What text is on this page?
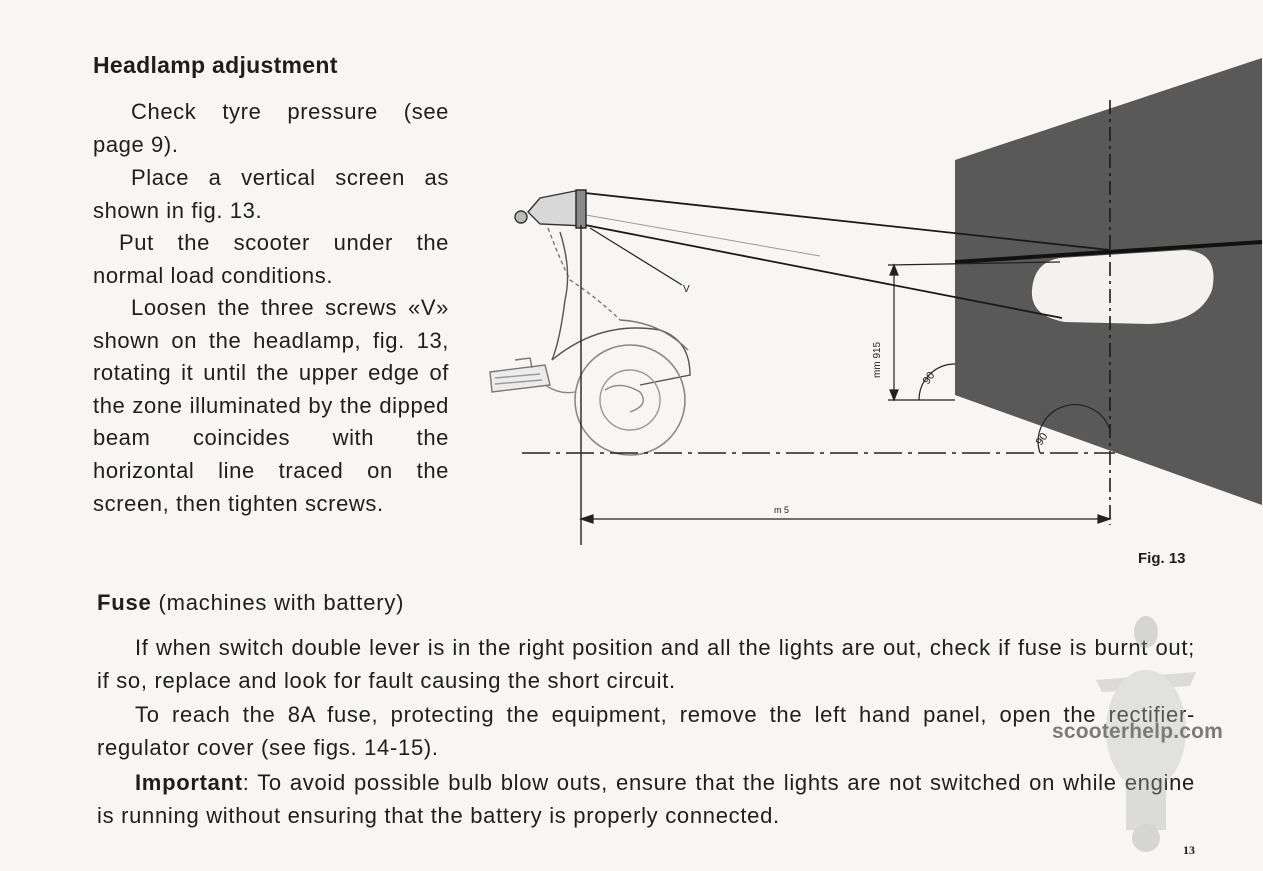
Headlamp adjustment
Check tyre pressure (see page 9).
Place a vertical screen as shown in fig. 13.
Put the scooter under the normal load conditions.
Loosen the three screws «V» shown on the headlamp, fig. 13, rotating it until the upper edge of the zone illuminated by the dipped beam coincides with the horizontal line traced on the screen, then tighten screws.
V
mm 915
90
90
m 5
Fig. 13
Fuse (machines with battery)
If when switch double lever is in the right position and all the lights are out, check if fuse is burnt out; if so, replace and look for fault causing the short circuit.
To reach the 8A fuse, protecting the equipment, remove the left hand panel, open the rectifier-regulator cover (see figs. 14-15).
Important: To avoid possible bulb blow outs, ensure that the lights are not switched on while engine is running without ensuring that the battery is properly connected.
scooterhelp.com
13
